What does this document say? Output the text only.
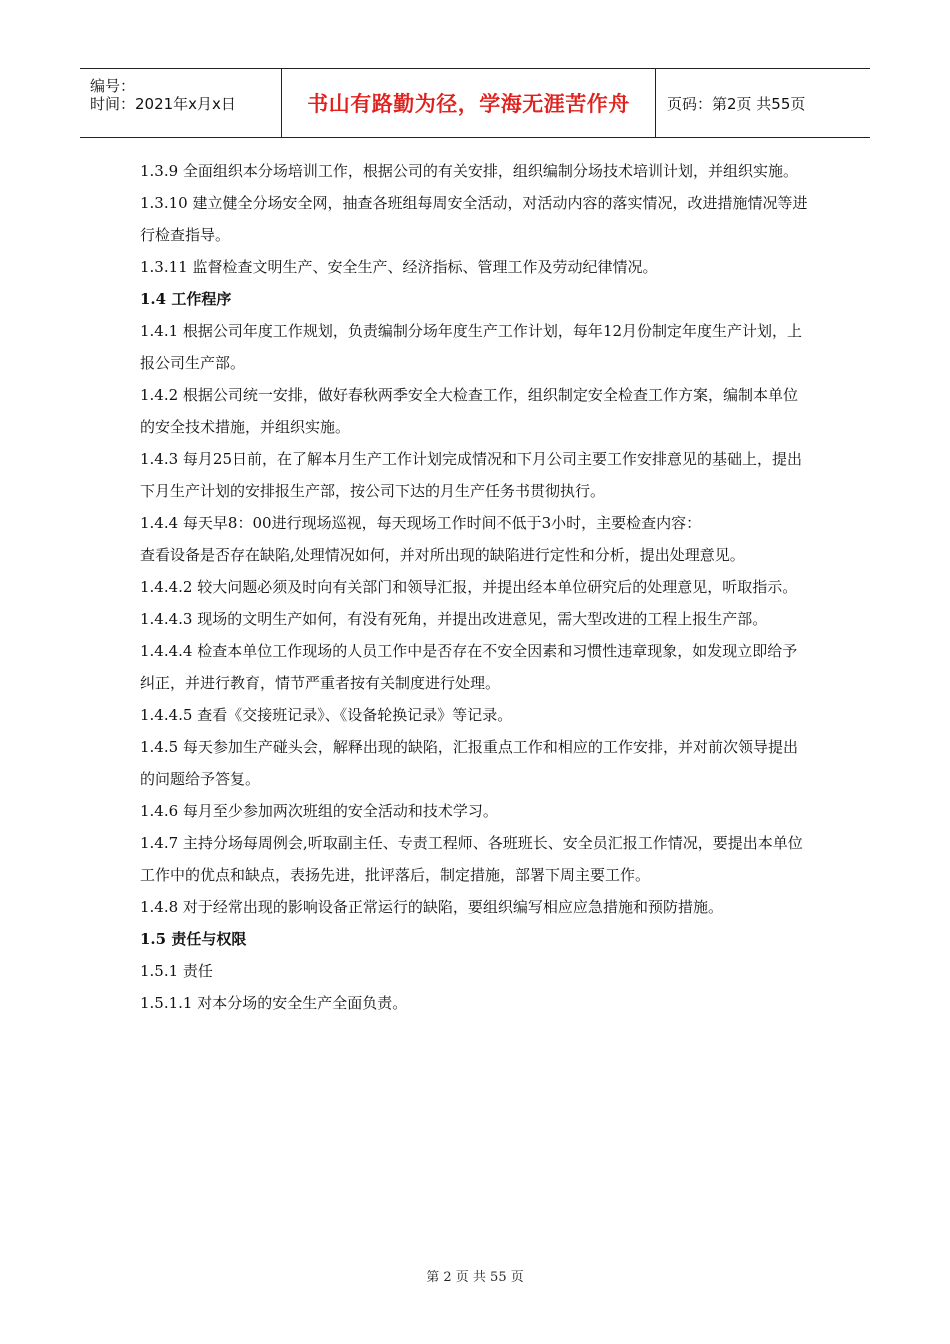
编号：
时间：2021年x月x日	书山有路勤为径，学海无涯苦作舟	页码：第2页 共55页

1.3.9 全面组织本分场培训工作，根据公司的有关安排，组织编制分场技术培训计划，并组织实施。

1.3.10 建立健全分场安全网，抽查各班组每周安全活动，对活动内容的落实情况，改进措施情况等进行检查指导。

1.3.11 监督检查文明生产、安全生产、经济指标、管理工作及劳动纪律情况。

1.4 工作程序

1.4.1 根据公司年度工作规划，负责编制分场年度生产工作计划，每年12月份制定年度生产计划，上报公司生产部。

1.4.2 根据公司统一安排，做好春秋两季安全大检查工作，组织制定安全检查工作方案，编制本单位的安全技术措施，并组织实施。

1.4.3 每月25日前，在了解本月生产工作计划完成情况和下月公司主要工作安排意见的基础上，提出下月生产计划的安排报生产部，按公司下达的月生产任务书贯彻执行。

1.4.4 每天早8：00进行现场巡视，每天现场工作时间不低于3小时，主要检查内容：

查看设备是否存在缺陷,处理情况如何，并对所出现的缺陷进行定性和分析，提出处理意见。

1.4.4.2 较大问题必须及时向有关部门和领导汇报，并提出经本单位研究后的处理意见，听取指示。

1.4.4.3 现场的文明生产如何，有没有死角，并提出改进意见，需大型改进的工程上报生产部。

1.4.4.4 检查本单位工作现场的人员工作中是否存在不安全因素和习惯性违章现象，如发现立即给予纠正，并进行教育，情节严重者按有关制度进行处理。

1.4.4.5 查看《交接班记录》、《设备轮换记录》等记录。

1.4.5 每天参加生产碰头会，解释出现的缺陷，汇报重点工作和相应的工作安排，并对前次领导提出的问题给予答复。

1.4.6 每月至少参加两次班组的安全活动和技术学习。

1.4.7 主持分场每周例会,听取副主任、专责工程师、各班班长、安全员汇报工作情况，要提出本单位工作中的优点和缺点，表扬先进，批评落后，制定措施，部署下周主要工作。

1.4.8 对于经常出现的影响设备正常运行的缺陷，要组织编写相应应急措施和预防措施。

1.5 责任与权限

1.5.1 责任

1.5.1.1 对本分场的安全生产全面负责。

第 2 页 共 55 页
